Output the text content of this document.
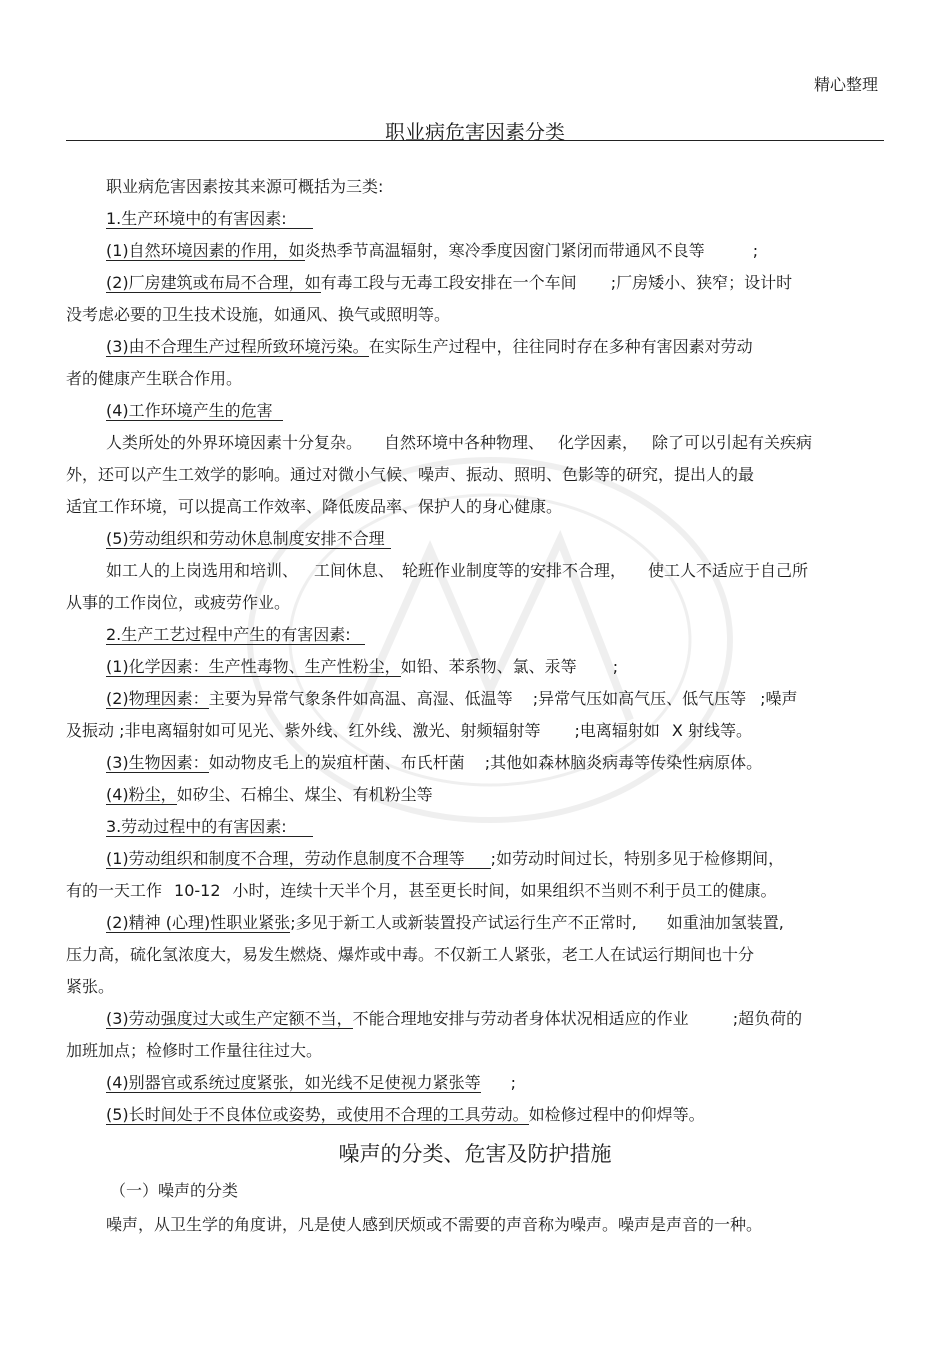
精心整理
职业病危害因素分类
职业病危害因素按其来源可概括为三类:
1.生产环境中的有害因素:
(1)自然环境因素的作用，如炎热季节高温辐射，寒冷季度因窗门紧闭而带通风不良等	;
(2)厂房建筑或布局不合理，如有毒工段与无毒工段安排在一个车间 ;厂房矮小、狭窄；设计时
没考虑必要的卫生技术设施，如通风、换气或照明等。
(3)由不合理生产过程所致环境污染。在实际生产过程中，往往同时存在多种有害因素对劳动
者的健康产生联合作用。
(4)工作环境产生的危害
人类所处的外界环境因素十分复杂。 自然环境中各种物理、 化学因素， 除了可以引起有关疾病
外，还可以产生工效学的影响。通过对微小气候、噪声、振动、照明、色影等的研究，提出人的最
适宜工作环境，可以提高工作效率、降低废品率、保护人的身心健康。
(5)劳动组织和劳动休息制度安排不合理
如工人的上岗选用和培训、 工间休息、 轮班作业制度等的安排不合理， 使工人不适应于自己所
从事的工作岗位，或疲劳作业。
2.生产工艺过程中产生的有害因素:
(1)化学因素：生产性毒物、生产性粉尘，如铅、苯系物、氯、汞等 ;
(2)物理因素：主要为异常气象条件如高温、高湿、低温等 ;异常气压如高气压、低气压等 ;噪声
及振动 ;非电离辐射如可见光、紫外线、红外线、激光、射频辐射等 ;电离辐射如 X 射线等。
(3)生物因素：如动物皮毛上的炭疽杆菌、布氏杆菌 ;其他如森林脑炎病毒等传染性病原体。
(4)粉尘，如矽尘、石棉尘、煤尘、有机粉尘等
3.劳动过程中的有害因素:
(1)劳动组织和制度不合理，劳动作息制度不合理等 ;如劳动时间过长，特别多见于检修期间，
有的一天工作 10-12 小时，连续十天半个月，甚至更长时间，如果组织不当则不利于员工的健康。
(2)精神 (心理)性职业紧张;多见于新工人或新装置投产试运行生产不正常时, 如重油加氢装置,
压力高，硫化氢浓度大，易发生燃烧、爆炸或中毒。不仅新工人紧张，老工人在试运行期间也十分
紧张。
(3)劳动强度过大或生产定额不当，不能合理地安排与劳动者身体状况相适应的作业	;超负荷的
加班加点；检修时工作量往往过大。
(4)别器官或系统过度紧张，如光线不足使视力紧张等 ;
(5)长时间处于不良体位或姿势，或使用不合理的工具劳动。如检修过程中的仰焊等。
噪声的分类、危害及防护措施
（一）噪声的分类
噪声，从卫生学的角度讲，凡是使人感到厌烦或不需要的声音称为噪声。噪声是声音的一种。
